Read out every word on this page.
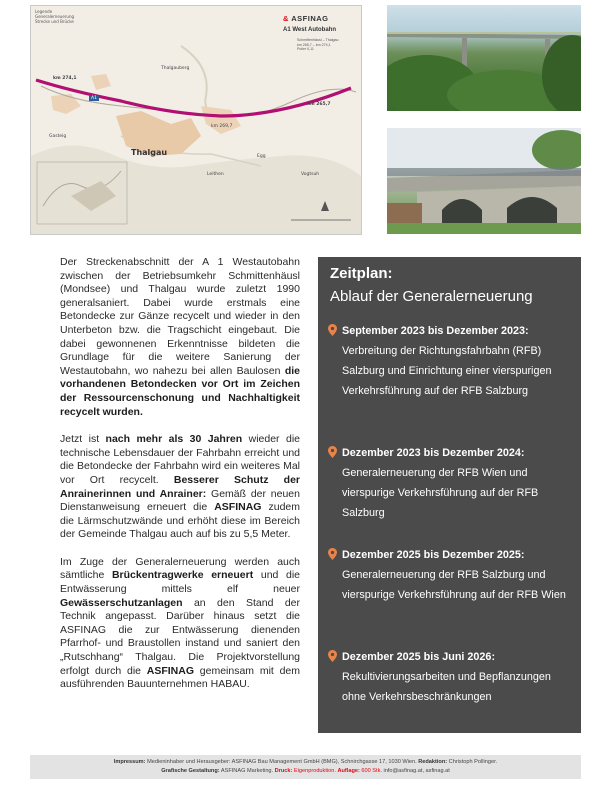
Legende
Generalerneuerung
Strecke und Brücke	& ASFINAG
A1 West Autobahn
Schmittenhäusl – Thalgau
km 265,7 – km 274,1
Polier 0,11
Thalgauberg
km 274,1
A1
km 269,7
km 265,7
Thalgau
Leithen
Egg
Vogtsuh
Gasteig

Der Streckenabschnitt der A 1 Westautobahn zwischen der Betriebsumkehr Schmittenhäusl (Mondsee) und Thalgau wurde zuletzt 1990 generalsaniert. Dabei wurde erstmals eine Betondecke zur Gänze recycelt und wieder in den Unterbeton bzw. die Tragschicht eingebaut. Die dabei gewonnenen Erkenntnisse bildeten die Grundlage für die weitere Sanierung der Westautobahn, wo nahezu bei allen Baulosen die vorhandenen Betondecken vor Ort im Zeichen der Ressourcenschonung und Nachhaltigkeit recycelt wurden.

Jetzt ist nach mehr als 30 Jahren wieder die technische Lebensdauer der Fahrbahn erreicht und die Betondecke der Fahrbahn wird ein weiteres Mal vor Ort recycelt. Besserer Schutz der Anrainerinnen und Anrainer: Gemäß der neuen Dienstanweisung erneuert die ASFINAG zudem die Lärmschutzwände und erhöht diese im Bereich der Gemeinde Thalgau auch auf bis zu 5,5 Meter.

Im Zuge der Generalerneuerung werden auch sämtliche Brückentragwerke erneuert und die Entwässerung mittels elf neuer Gewässerschutzanlagen an den Stand der Technik angepasst. Darüber hinaus setzt die ASFINAG die zur Entwässerung dienenden Pfarrhof- und Braustollen instand und saniert den „Rutschhang“ Thalgau. Die Projektvorstellung erfolgt durch die ASFINAG gemeinsam mit dem ausführenden Bauunternehmen HABAU.

Zeitplan:
Ablauf der Generalerneuerung
September 2023 bis Dezember 2023:
Verbreitung der Richtungsfahrbahn (RFB) Salzburg und Einrichtung einer vierspurigen Verkehrsführung auf der RFB Salzburg
Dezember 2023 bis Dezember 2024:
Generalerneuerung der RFB Wien und vierspurige Verkehrsführung auf der RFB Salzburg
Dezember 2025 bis Dezember 2025:
Generalerneuerung der RFB Salzburg und vierspurige Verkehrsführung auf der RFB Wien
Dezember 2025 bis Juni 2026:
Rekultivierungsarbeiten und Bepflanzungen ohne Verkehrsbeschränkungen
Impressum: Medieninhaber und Herausgeber: ASFINAG Bau Management GmbH (BMG), Schnirchgasse 17, 1030 Wien. Redaktion: Christoph Pollinger.
Grafische Gestaltung: ASFINAG Marketing. Druck: Eigenproduktion. Auflage: 600 Stk. info@asfinag.at, asfinag.at
